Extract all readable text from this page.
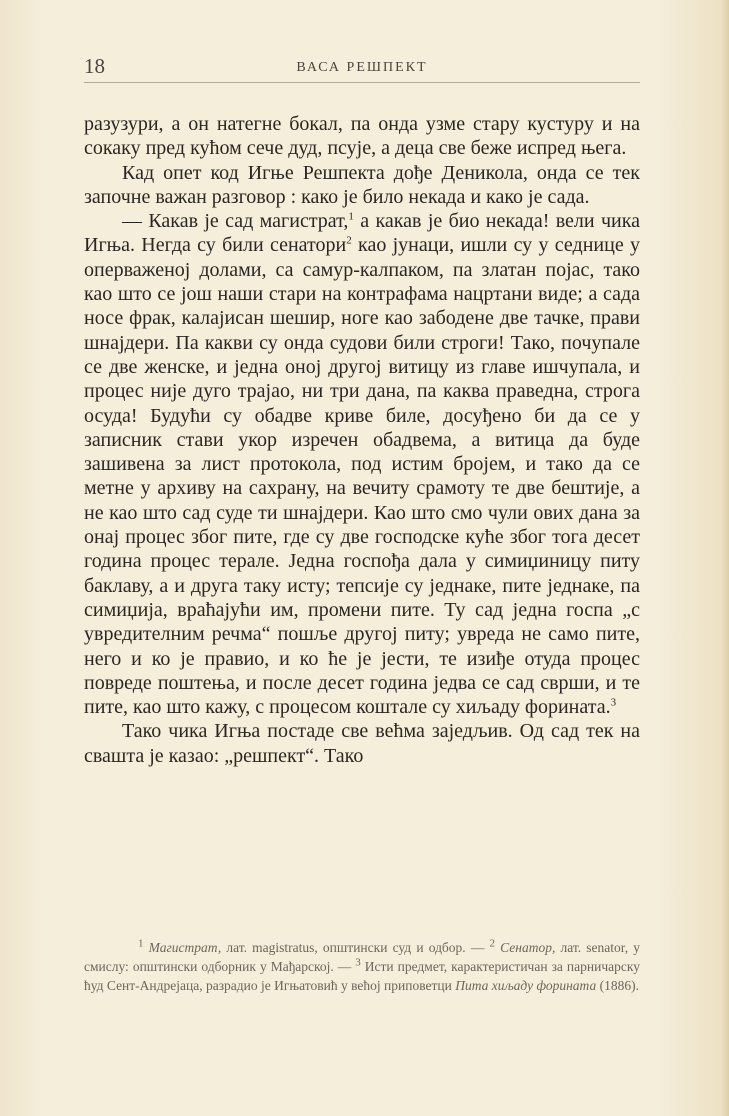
18	ВАСА РЕШПЕКТ

разузури, а он натегне бокал, па онда узме стару кустуру и на сокаку пред кућом сече дуд, псује, а деца све беже испред њега.

Кад опет код Игње Решпекта дође Деникола, онда се тек започне важан разговор : како је било некада и како је сада.

— Какав је сад магистрат,$^1$ а какав је био некада! вели чика Игња. Негда су били сенатори$^2$ као јунаци, ишли су у седнице у оперваженој долами, са самур-калпаком, па златан појас, тако као што се још наши стари на контрафама нацртани виде; а сада носе фрак, калајисан шешир, ноге као забодене две тачке, прави шнајдери. Па какви су онда судови били строги! Тако, почупале се две женске, и једна оној другој витицу из главе ишчупала, и процес није дуго трајао, ни три дана, па каква праведна, строга осуда! Будући су обадве криве биле, досуђено би да се у записник стави укор изречен обадвема, а витица да буде зашивена за лист протокола, под истим бројем, и тако да се метне у архиву на сахрану, на вечиту срамоту те две бештије, а не као што сад суде ти шнајдери. Као што смо чули ових дана за онај процес због пите, где су две господске куће због тога десет година процес терале. Једна госпођа дала у симиџиницу питу баклаву, а и друга таку исту; тепсије су једнаке, пите једнаке, па симиџија, враћајући им, промени пите. Ту сад једна госпа „с увредителним речма“ пошље другој питу; увреда не само пите, него и ко је правио, и ко ће је јести, те изиђе отуда процес повреде поштења, и после десет година једва се сад сврши, и те пите, као што кажу, с процесом коштале су хиљаду форината.$^3$

Тако чика Игња постаде све већма заједљив. Од сад тек на свашта је казао: „решпект“. Тако

$^1$ Магистрат, лат. magistratus, општински суд и одбор. — $^2$ Сенатор, лат. senator, у смислу: општински одборник у Мађарској. — $^3$ Исти предмет, карактеристичан за парничарску ћуд Сент-Андрејаца, разрадио је Игњатовић у већој приповетци Пита хиљаду форината (1886).
